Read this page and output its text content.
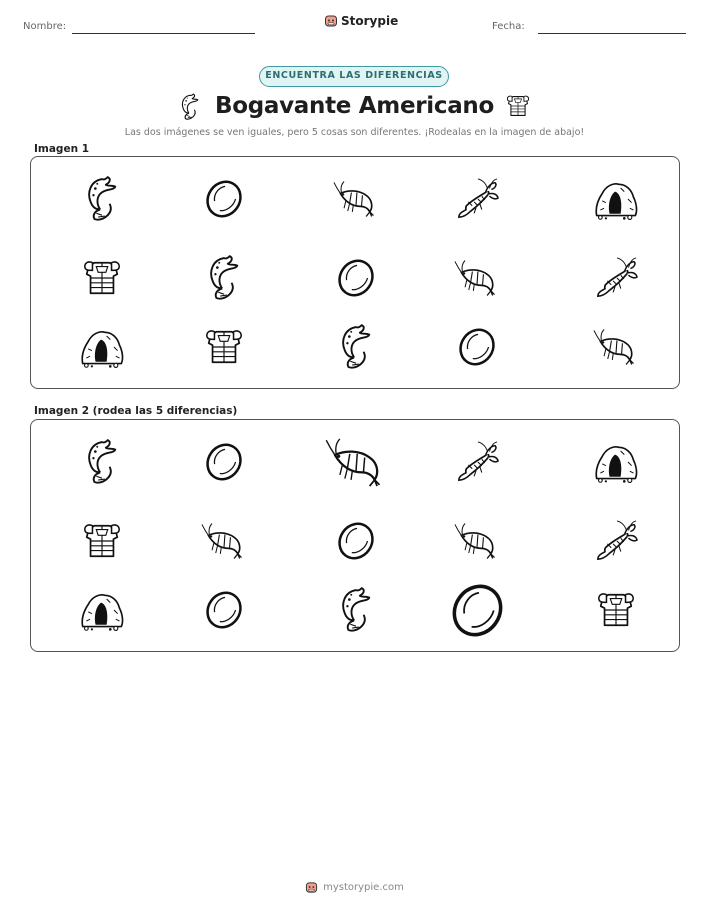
Nombre:	Storypie	Fecha:
ENCUENTRA LAS DIFERENCIAS
Bogavante Americano
Las dos imágenes se ven iguales, pero 5 cosas son diferentes. ¡Rodealas en la imagen de abajo!
Imagen 1
Imagen 2 (rodea las 5 diferencias)
mystorypie.com
